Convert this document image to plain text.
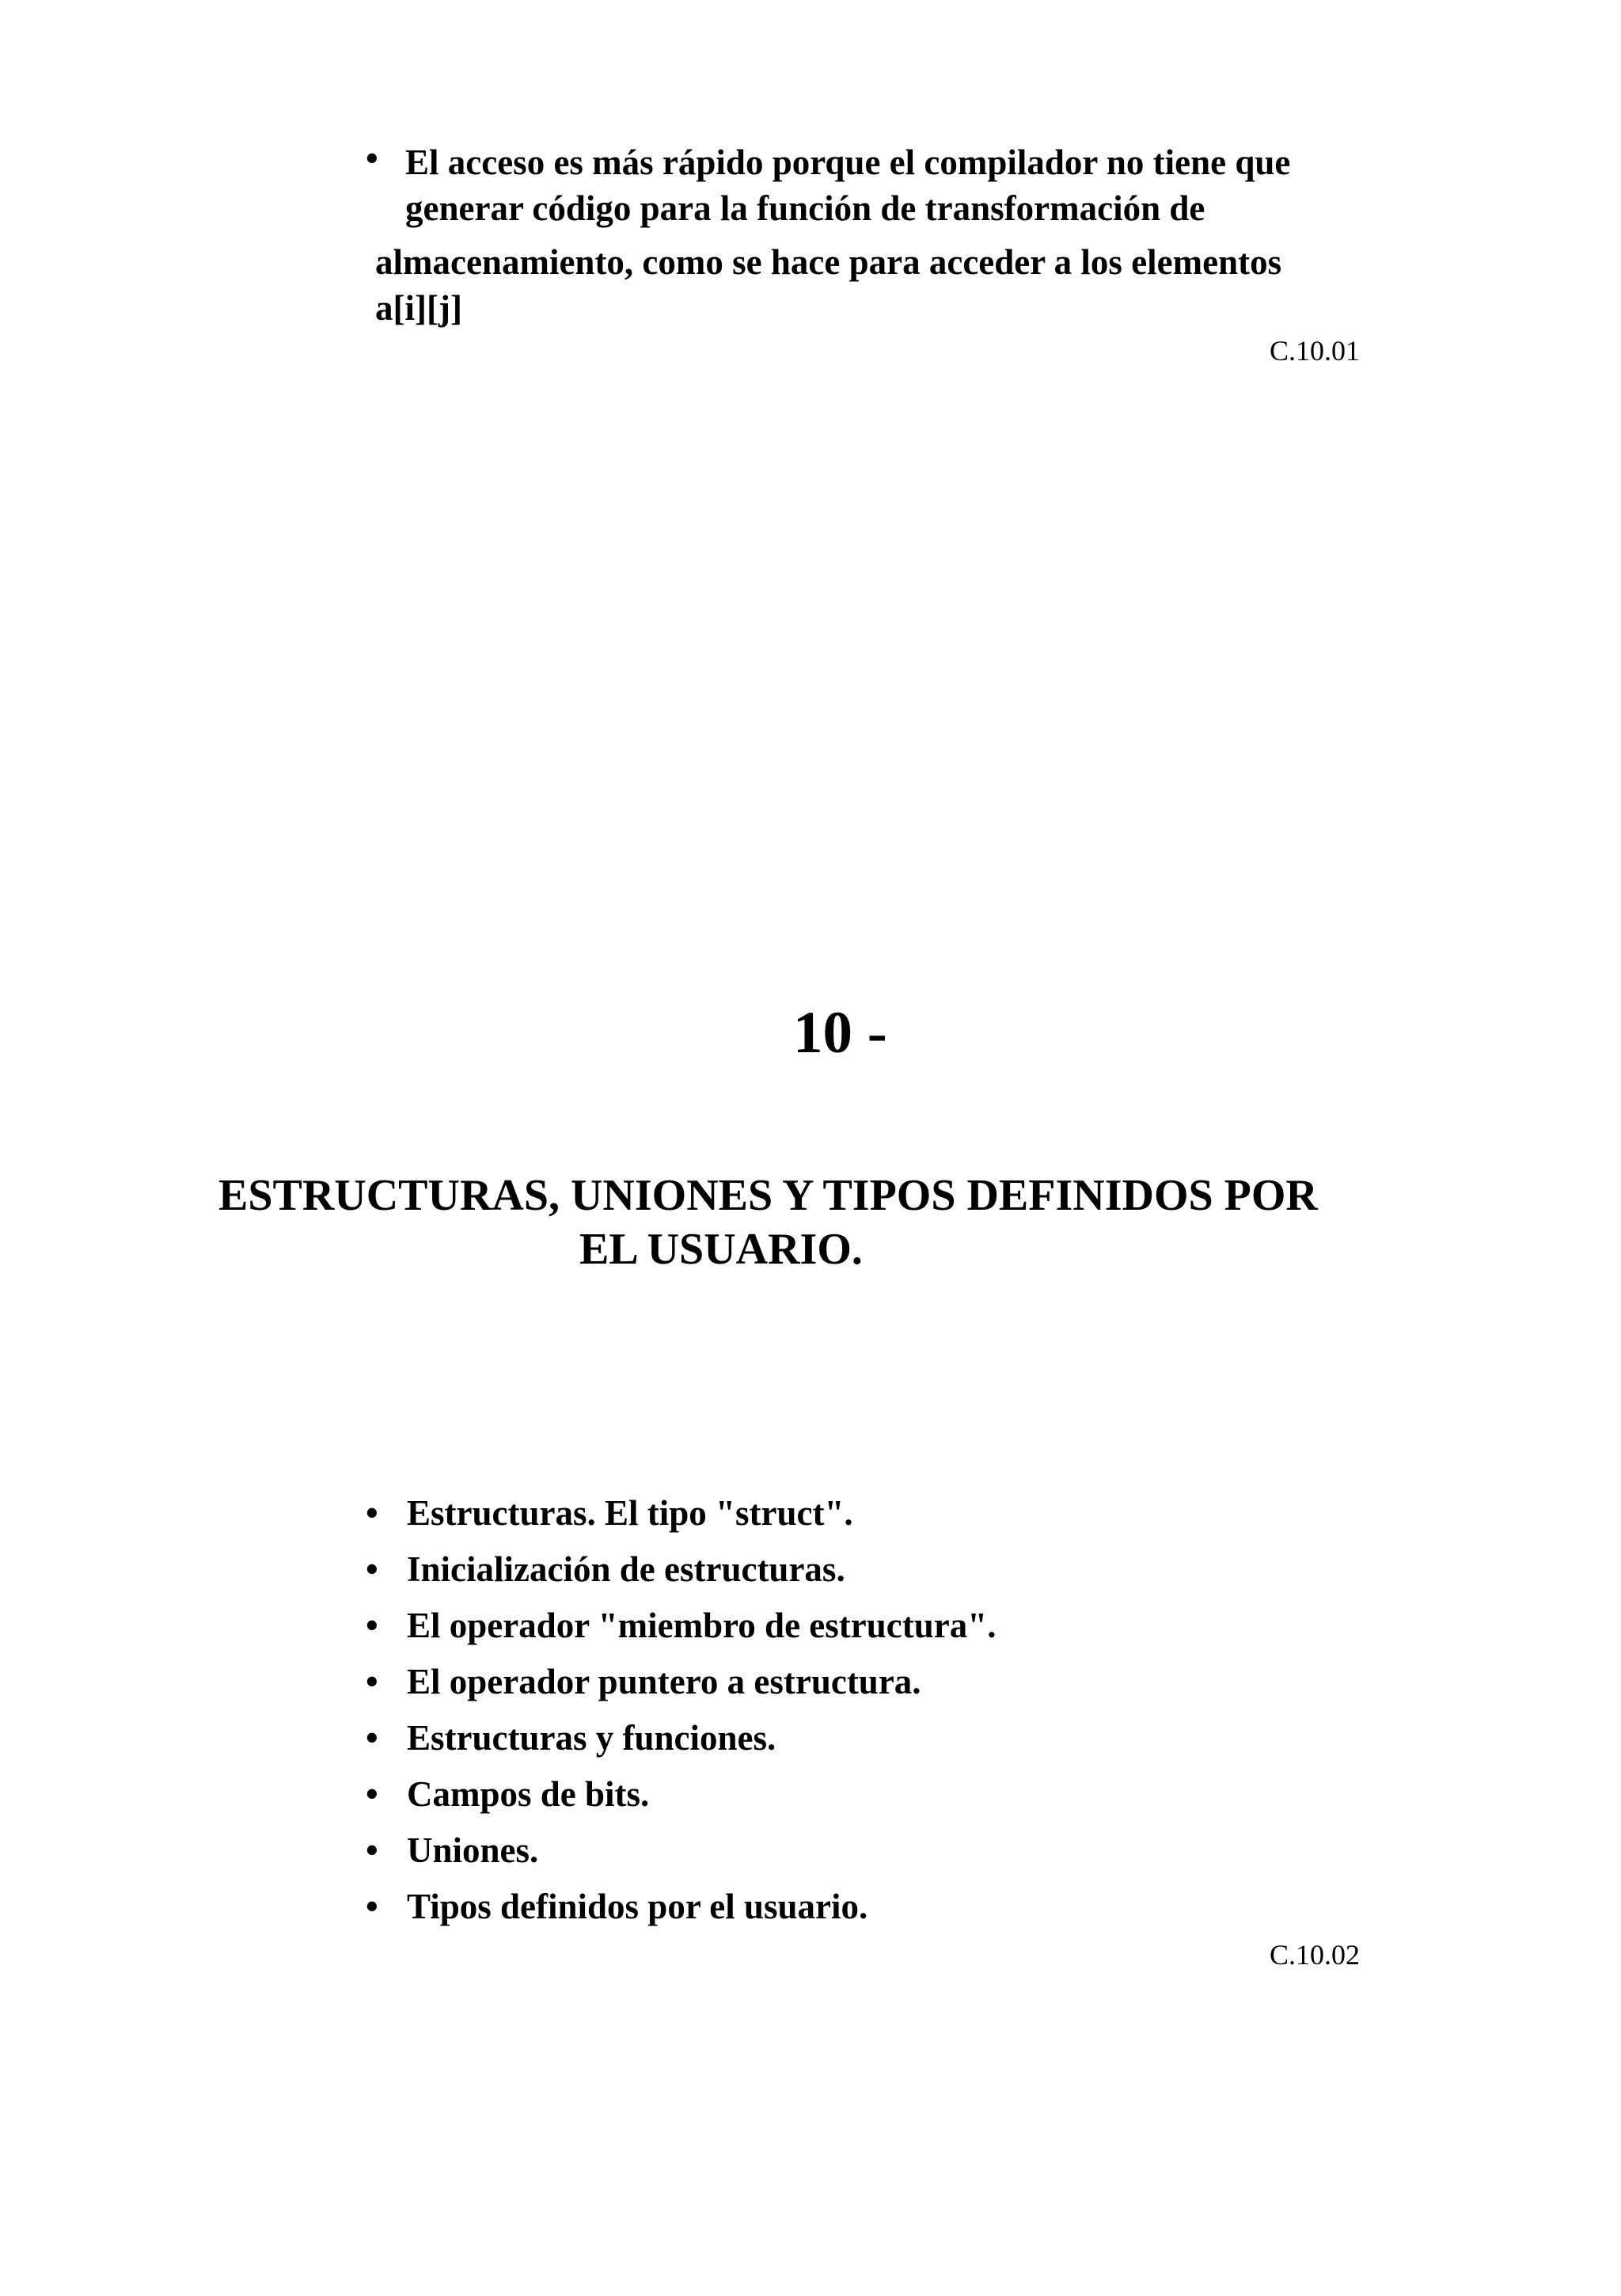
• El acceso es más rápido porque el compilador no tiene que
generar código para la función de transformación de
almacenamiento, como se hace para acceder a los elementos
a[i][j]
C.10.01
10 -
ESTRUCTURAS, UNIONES Y TIPOS DEFINIDOS POR
EL USUARIO.
• Estructuras. El tipo "struct".
• Inicialización de estructuras.
• El operador "miembro de estructura".
• El operador puntero a estructura.
• Estructuras y funciones.
• Campos de bits.
• Uniones.
• Tipos definidos por el usuario.
C.10.02
